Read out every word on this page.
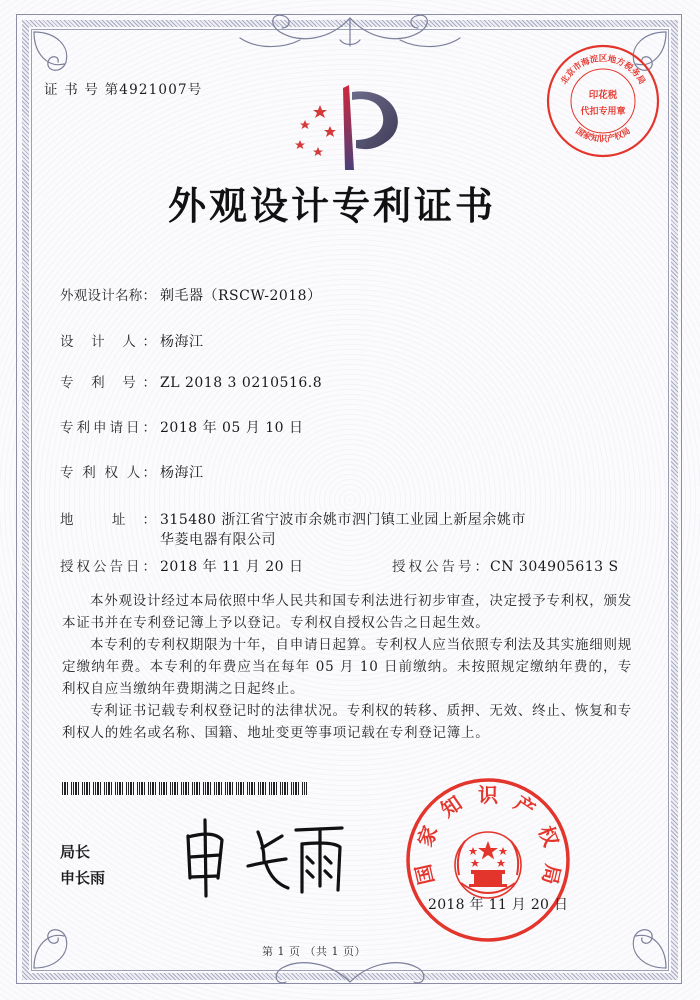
证 书 号 第4921007号
外观设计专利证书
外观设计名称： 剃毛器（RSCW-2018）
设 计 人： 杨海江
专 利 号： ZL 2018 3 0210516.8
专利申请日： 2018 年 05 月 10 日
专 利 权 人： 杨海江
地 址： 315480 浙江省宁波市余姚市泗门镇工业园上新屋余姚市华菱电器有限公司
授权公告日： 2018 年 11 月 20 日	授权公告号： CN 304905613 S

本外观设计经过本局依照中华人民共和国专利法进行初步审查，决定授予专利权，颁发本证书并在专利登记簿上予以登记。专利权自授权公告之日起生效。

本专利的专利权期限为十年，自申请日起算。专利权人应当依照专利法及其实施细则规定缴纳年费。本专利的年费应当在每年 05 月 10 日前缴纳。未按照规定缴纳年费的，专利权自应当缴纳年费期满之日起终止。

专利证书记载专利权登记时的法律状况。专利权的转移、质押、无效、终止、恢复和专利权人的姓名或名称、国籍、地址变更等事项记载在专利登记簿上。

局长
申长雨	国家知识产权局
2018 年 11 月 20 日
北京市海淀区地方税务局
国家知识产权局
印花税
代扣专用章
第 1 页 （共 1 页）
